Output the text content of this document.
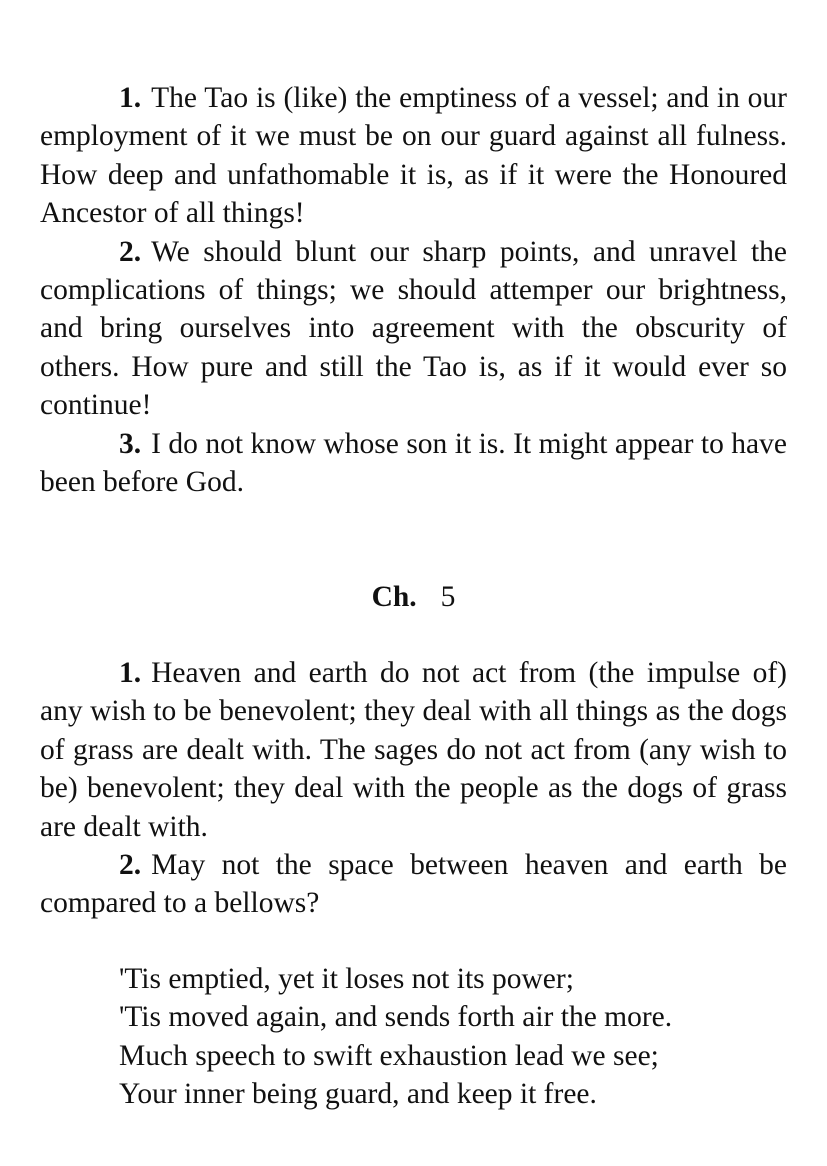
1. The Tao is (like) the emptiness of a vessel; and in our employment of it we must be on our guard against all fulness. How deep and unfathomable it is, as if it were the Honoured Ancestor of all things!

2. We should blunt our sharp points, and unravel the complications of things; we should attemper our brightness, and bring ourselves into agreement with the obscurity of others. How pure and still the Tao is, as if it would ever so continue!

3. I do not know whose son it is. It might appear to have been before God.

Ch. 5

1. Heaven and earth do not act from (the impulse of) any wish to be benevolent; they deal with all things as the dogs of grass are dealt with. The sages do not act from (any wish to be) benevolent; they deal with the people as the dogs of grass are dealt with.

2. May not the space between heaven and earth be compared to a bellows?

'Tis emptied, yet it loses not its power;
'Tis moved again, and sends forth air the more.
Much speech to swift exhaustion lead we see;
Your inner being guard, and keep it free.
